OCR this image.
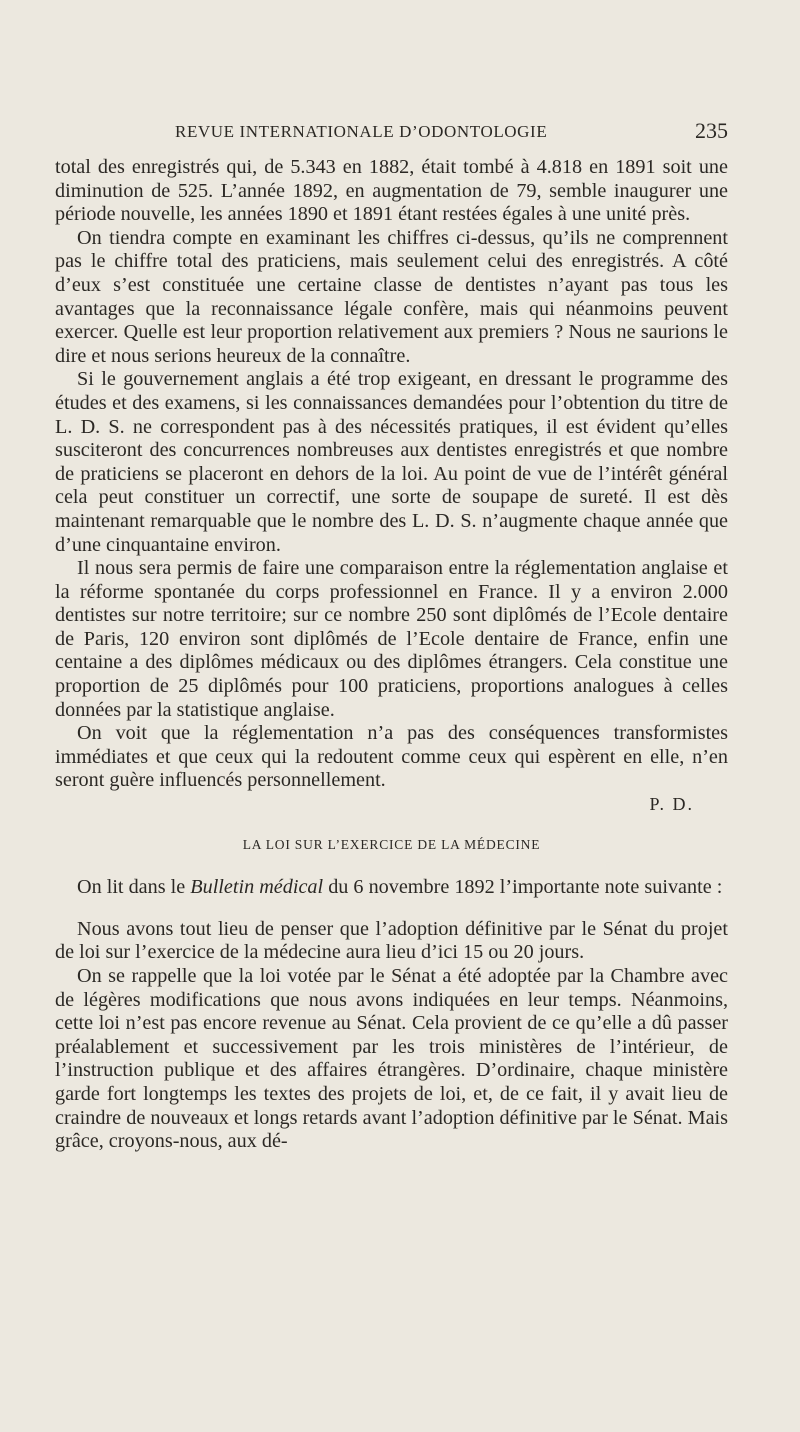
REVUE INTERNATIONALE D’ODONTOLOGIE	235

total des enregistrés qui, de 5.343 en 1882, était tombé à 4.818 en 1891 soit une diminution de 525. L’année 1892, en augmentation de 79, semble inaugurer une période nouvelle, les années 1890 et 1891 étant restées égales à une unité près.

On tiendra compte en examinant les chiffres ci-dessus, qu’ils ne comprennent pas le chiffre total des praticiens, mais seulement celui des enregistrés. A côté d’eux s’est constituée une certaine classe de dentistes n’ayant pas tous les avantages que la reconnaissance légale confère, mais qui néanmoins peuvent exercer. Quelle est leur proportion relativement aux premiers ? Nous ne saurions le dire et nous serions heureux de la connaître.

Si le gouvernement anglais a été trop exigeant, en dressant le programme des études et des examens, si les connaissances demandées pour l’obtention du titre de L. D. S. ne correspondent pas à des nécessités pratiques, il est évident qu’elles susciteront des concurrences nombreuses aux dentistes enregistrés et que nombre de praticiens se placeront en dehors de la loi. Au point de vue de l’intérêt général cela peut constituer un correctif, une sorte de soupape de sureté. Il est dès maintenant remarquable que le nombre des L. D. S. n’augmente chaque année que d’une cinquantaine environ.

Il nous sera permis de faire une comparaison entre la réglementation anglaise et la réforme spontanée du corps professionnel en France. Il y a environ 2.000 dentistes sur notre territoire; sur ce nombre 250 sont diplômés de l’Ecole dentaire de Paris, 120 environ sont diplômés de l’Ecole dentaire de France, enfin une centaine a des diplômes médicaux ou des diplômes étrangers. Cela constitue une proportion de 25 diplômés pour 100 praticiens, proportions analogues à celles données par la statistique anglaise.

On voit que la réglementation n’a pas des conséquences transformistes immédiates et que ceux qui la redoutent comme ceux qui espèrent en elle, n’en seront guère influencés personnellement.

P. D.

LA LOI SUR L’EXERCICE DE LA MÉDECINE

On lit dans le Bulletin médical du 6 novembre 1892 l’importante note suivante :

Nous avons tout lieu de penser que l’adoption définitive par le Sénat du projet de loi sur l’exercice de la médecine aura lieu d’ici 15 ou 20 jours.

On se rappelle que la loi votée par le Sénat a été adoptée par la Chambre avec de légères modifications que nous avons indiquées en leur temps. Néanmoins, cette loi n’est pas encore revenue au Sénat. Cela provient de ce qu’elle a dû passer préalablement et successivement par les trois ministères de l’intérieur, de l’instruction publique et des affaires étrangères. D’ordinaire, chaque ministère garde fort longtemps les textes des projets de loi, et, de ce fait, il y avait lieu de craindre de nouveaux et longs retards avant l’adoption définitive par le Sénat. Mais grâce, croyons-nous, aux dé-
